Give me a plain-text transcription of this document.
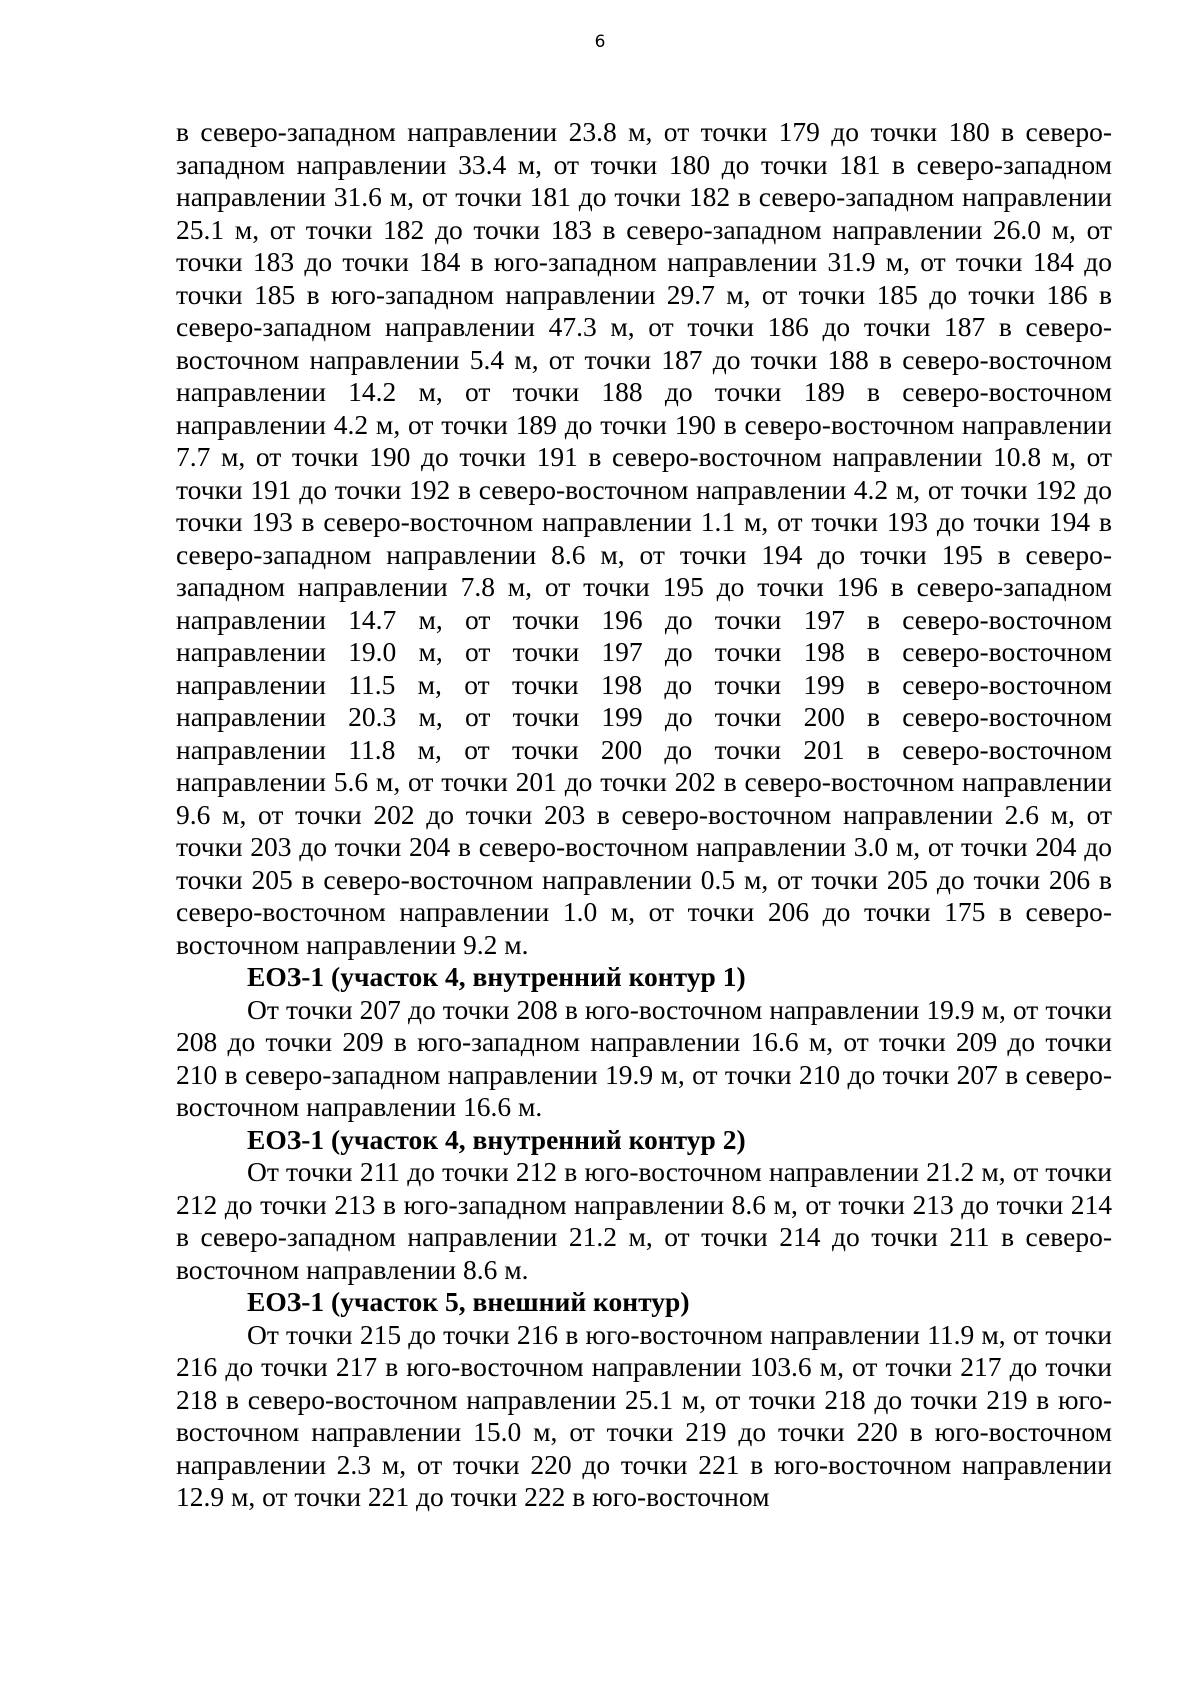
6

в северо-западном направлении 23.8 м, от точки 179 до точки 180 в северо-западном направлении 33.4 м, от точки 180 до точки 181 в северо-западном направлении 31.6 м, от точки 181 до точки 182 в северо-западном направлении 25.1 м, от точки 182 до точки 183 в северо-западном направлении 26.0 м, от точки 183 до точки 184 в юго-западном направлении 31.9 м, от точки 184 до точки 185 в юго-западном направлении 29.7 м, от точки 185 до точки 186 в северо-западном направлении 47.3 м, от точки 186 до точки 187 в северо-восточном направлении 5.4 м, от точки 187 до точки 188 в северо-восточном направлении 14.2 м, от точки 188 до точки 189 в северо-восточном направлении 4.2 м, от точки 189 до точки 190 в северо-восточном направлении 7.7 м, от точки 190 до точки 191 в северо-восточном направлении 10.8 м, от точки 191 до точки 192 в северо-восточном направлении 4.2 м, от точки 192 до точки 193 в северо-восточном направлении 1.1 м, от точки 193 до точки 194 в северо-западном направлении 8.6 м, от точки 194 до точки 195 в северо-западном направлении 7.8 м, от точки 195 до точки 196 в северо-западном направлении 14.7 м, от точки 196 до точки 197 в северо-восточном направлении 19.0 м, от точки 197 до точки 198 в северо-восточном направлении 11.5 м, от точки 198 до точки 199 в северо-восточном направлении 20.3 м, от точки 199 до точки 200 в северо-восточном направлении 11.8 м, от точки 200 до точки 201 в северо-восточном направлении 5.6 м, от точки 201 до точки 202 в северо-восточном направлении 9.6 м, от точки 202 до точки 203 в северо-восточном направлении 2.6 м, от точки 203 до точки 204 в северо-восточном направлении 3.0 м, от точки 204 до точки 205 в северо-восточном направлении 0.5 м, от точки 205 до точки 206 в северо-восточном направлении 1.0 м, от точки 206 до точки 175 в северо-восточном направлении 9.2 м.

ЕОЗ-1 (участок 4, внутренний контур 1)

От точки 207 до точки 208 в юго-восточном направлении 19.9 м, от точки 208 до точки 209 в юго-западном направлении 16.6 м, от точки 209 до точки 210 в северо-западном направлении 19.9 м, от точки 210 до точки 207 в северо-восточном направлении 16.6 м.

ЕОЗ-1 (участок 4, внутренний контур 2)

От точки 211 до точки 212 в юго-восточном направлении 21.2 м, от точки 212 до точки 213 в юго-западном направлении 8.6 м, от точки 213 до точки 214 в северо-западном направлении 21.2 м, от точки 214 до точки 211 в северо-восточном направлении 8.6 м.

ЕОЗ-1 (участок 5, внешний контур)

От точки 215 до точки 216 в юго-восточном направлении 11.9 м, от точки 216 до точки 217 в юго-восточном направлении 103.6 м, от точки 217 до точки 218 в северо-восточном направлении 25.1 м, от точки 218 до точки 219 в юго-восточном направлении 15.0 м, от точки 219 до точки 220 в юго-восточном направлении 2.3 м, от точки 220 до точки 221 в юго-восточном направлении 12.9 м, от точки 221 до точки 222 в юго-восточном
